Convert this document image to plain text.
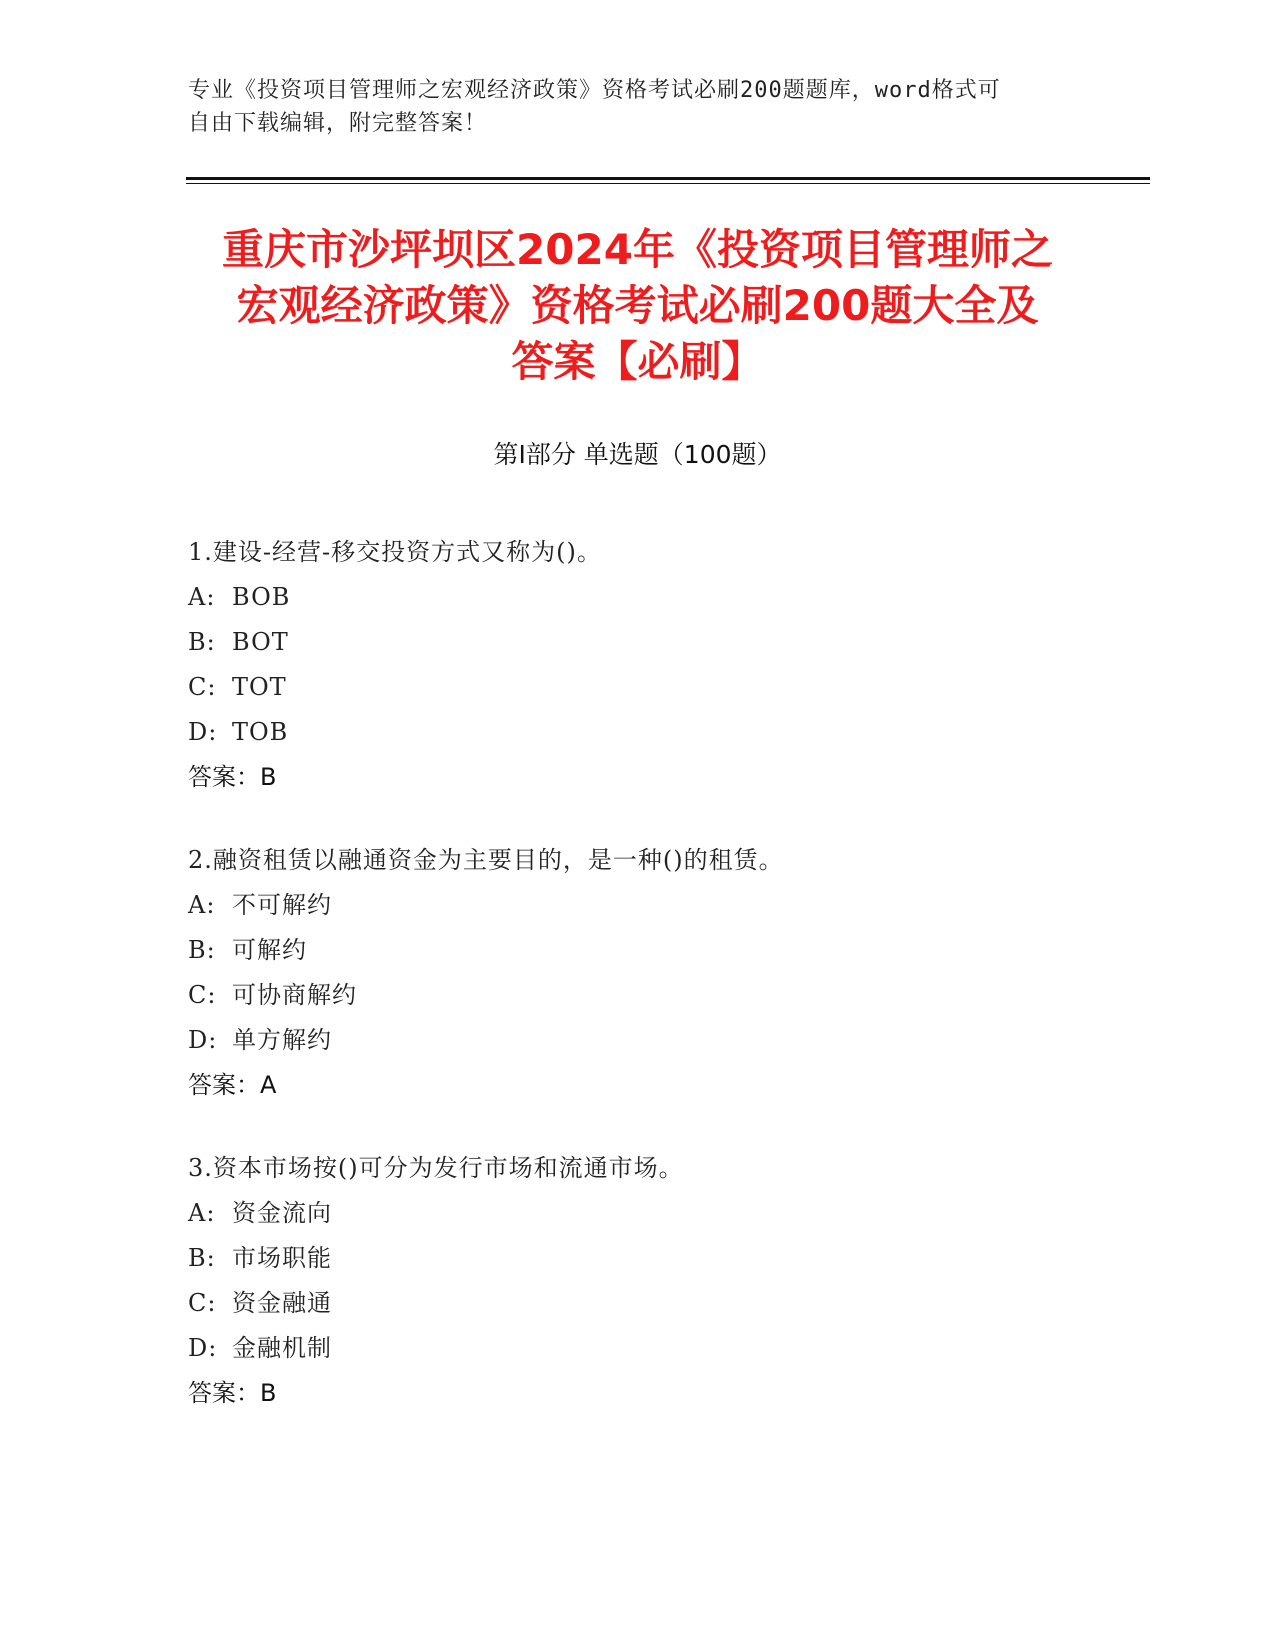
专业《投资项目管理师之宏观经济政策》资格考试必刷200题题库，word格式可
自由下载编辑，附完整答案！
重庆市沙坪坝区2024年《投资项目管理师之
宏观经济政策》资格考试必刷200题大全及
答案【必刷】
第Ⅰ部分 单选题（100题）
1.建设-经营-移交投资方式又称为()。
A: BOB
B: BOT
C: TOT
D: TOB
答案：B
2.融资租赁以融通资金为主要目的，是一种()的租赁。
A: 不可解约
B: 可解约
C: 可协商解约
D: 单方解约
答案：A
3.资本市场按()可分为发行市场和流通市场。
A: 资金流向
B: 市场职能
C: 资金融通
D: 金融机制
答案：B
